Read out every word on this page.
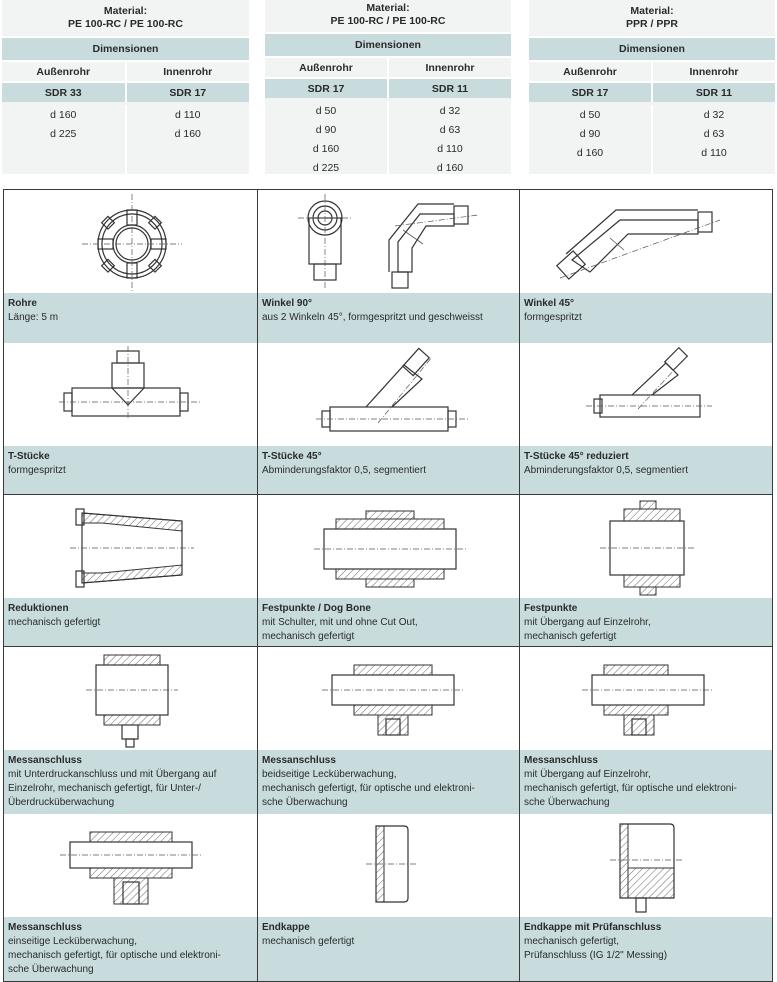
Material:
PE 100-RC / PE 100-RC
Dimensionen
Außenrohr	Innenrohr
SDR 33	SDR 17
d 160	d 110
d 225	d 160
Material:
PE 100-RC / PE 100-RC
Dimensionen
Außenrohr	Innenrohr
SDR 17	SDR 11
d 50	d 32
d 90	d 63
d 160	d 110
d 225	d 160
Material:
PPR / PPR
Dimensionen
Außenrohr	Innenrohr
SDR 17	SDR 11
d 50	d 32
d 90	d 63
d 160	d 110
Rohre
Länge: 5 m
Winkel 90°
aus 2 Winkeln 45°, formgespritzt und geschweisst
Winkel 45°
formgespritzt
T-Stücke
formgespritzt
T-Stücke 45°
Abminderungsfaktor 0,5, segmentiert
T-Stücke 45° reduziert
Abminderungsfaktor 0,5, segmentiert
Reduktionen
mechanisch gefertigt
Festpunkte / Dog Bone
mit Schulter, mit und ohne Cut Out,
mechanisch gefertigt
Festpunkte
mit Übergang auf Einzelrohr,
mechanisch gefertigt
Messanschluss
mit Unterdruckanschluss und mit Übergang auf
Einzelrohr, mechanisch gefertigt, für Unter-/
Überdrucküberwachung
Messanschluss
beidseitige Lecküberwachung,
mechanisch gefertigt, für optische und elektroni-
sche Überwachung
Messanschluss
mit Übergang auf Einzelrohr,
mechanisch gefertigt, für optische und elektroni-
sche Überwachung
Messanschluss
einseitige Lecküberwachung,
mechanisch gefertigt, für optische und elektroni-
sche Überwachung
Endkappe
mechanisch gefertigt
Endkappe mit Prüfanschluss
mechanisch gefertigt,
Prüfanschluss (IG 1/2" Messing)
